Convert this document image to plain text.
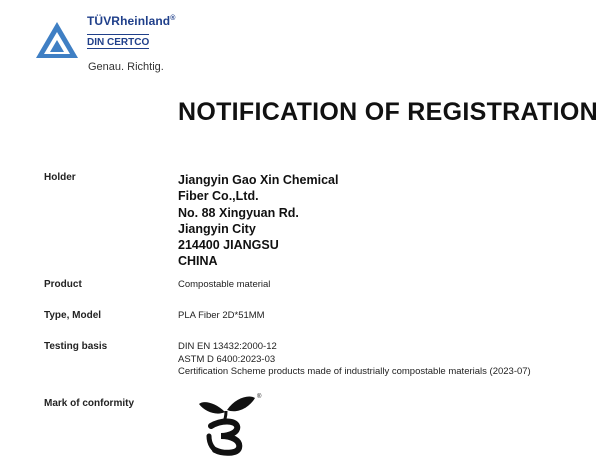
TÜVRheinland®
DIN CERTCO
Genau. Richtig.
NOTIFICATION OF REGISTRATION
Holder	Jiangyin Gao Xin Chemical
Fiber Co.,Ltd.
No. 88 Xingyuan Rd.
Jiangyin City
214400 JIANGSU
CHINA
Product	Compostable material
Type, Model	PLA Fiber 2D*51MM
Testing basis	DIN EN 13432:2000-12
ASTM D 6400:2023-03
Certification Scheme products made of industrially compostable materials (2023-07)
Mark of conformity
®
